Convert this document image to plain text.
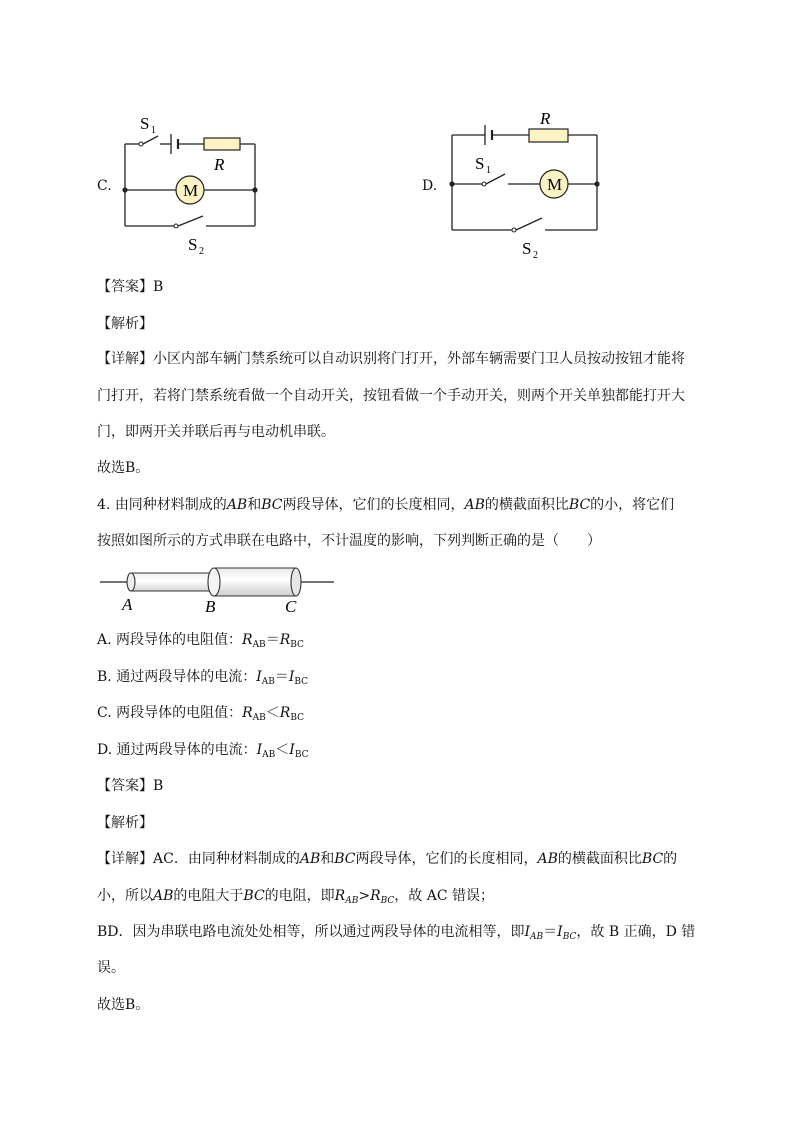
C.	M
S 1
R
S 2
D.	M
R
S 1
S 2
【答案】B
【解析】
【详解】小区内部车辆门禁系统可以自动识别将门打开，外部车辆需要门卫人员按动按钮才能将
门打开，若将门禁系统看做一个自动开关，按钮看做一个手动开关，则两个开关单独都能打开大
门，即两开关并联后再与电动机串联。
故选B。
4. 由同种材料制成的AB和BC两段导体，它们的长度相同，AB的横截面积比BC的小，将它们
按照如图所示的方式串联在电路中，不计温度的影响，下列判断正确的是（　　）
A	B	C
A. 两段导体的电阻值：$R_{AB}=R_{BC}$
B. 通过两段导体的电流：$I_{AB}=I_{BC}$
C. 两段导体的电阻值：$R_{AB}<R_{BC}$
D. 通过两段导体的电流：$I_{AB}<I_{BC}$
【答案】B
【解析】
【详解】AC．由同种材料制成的AB和BC两段导体，它们的长度相同，AB的横截面积比BC的
小，所以AB的电阻大于BC的电阻，即$R_{AB}>R_{BC}$，故 AC 错误；
BD．因为串联电路电流处处相等，所以通过两段导体的电流相等，即$I_{AB}=I_{BC}$，故 B 正确，D 错
误。
故选B。
